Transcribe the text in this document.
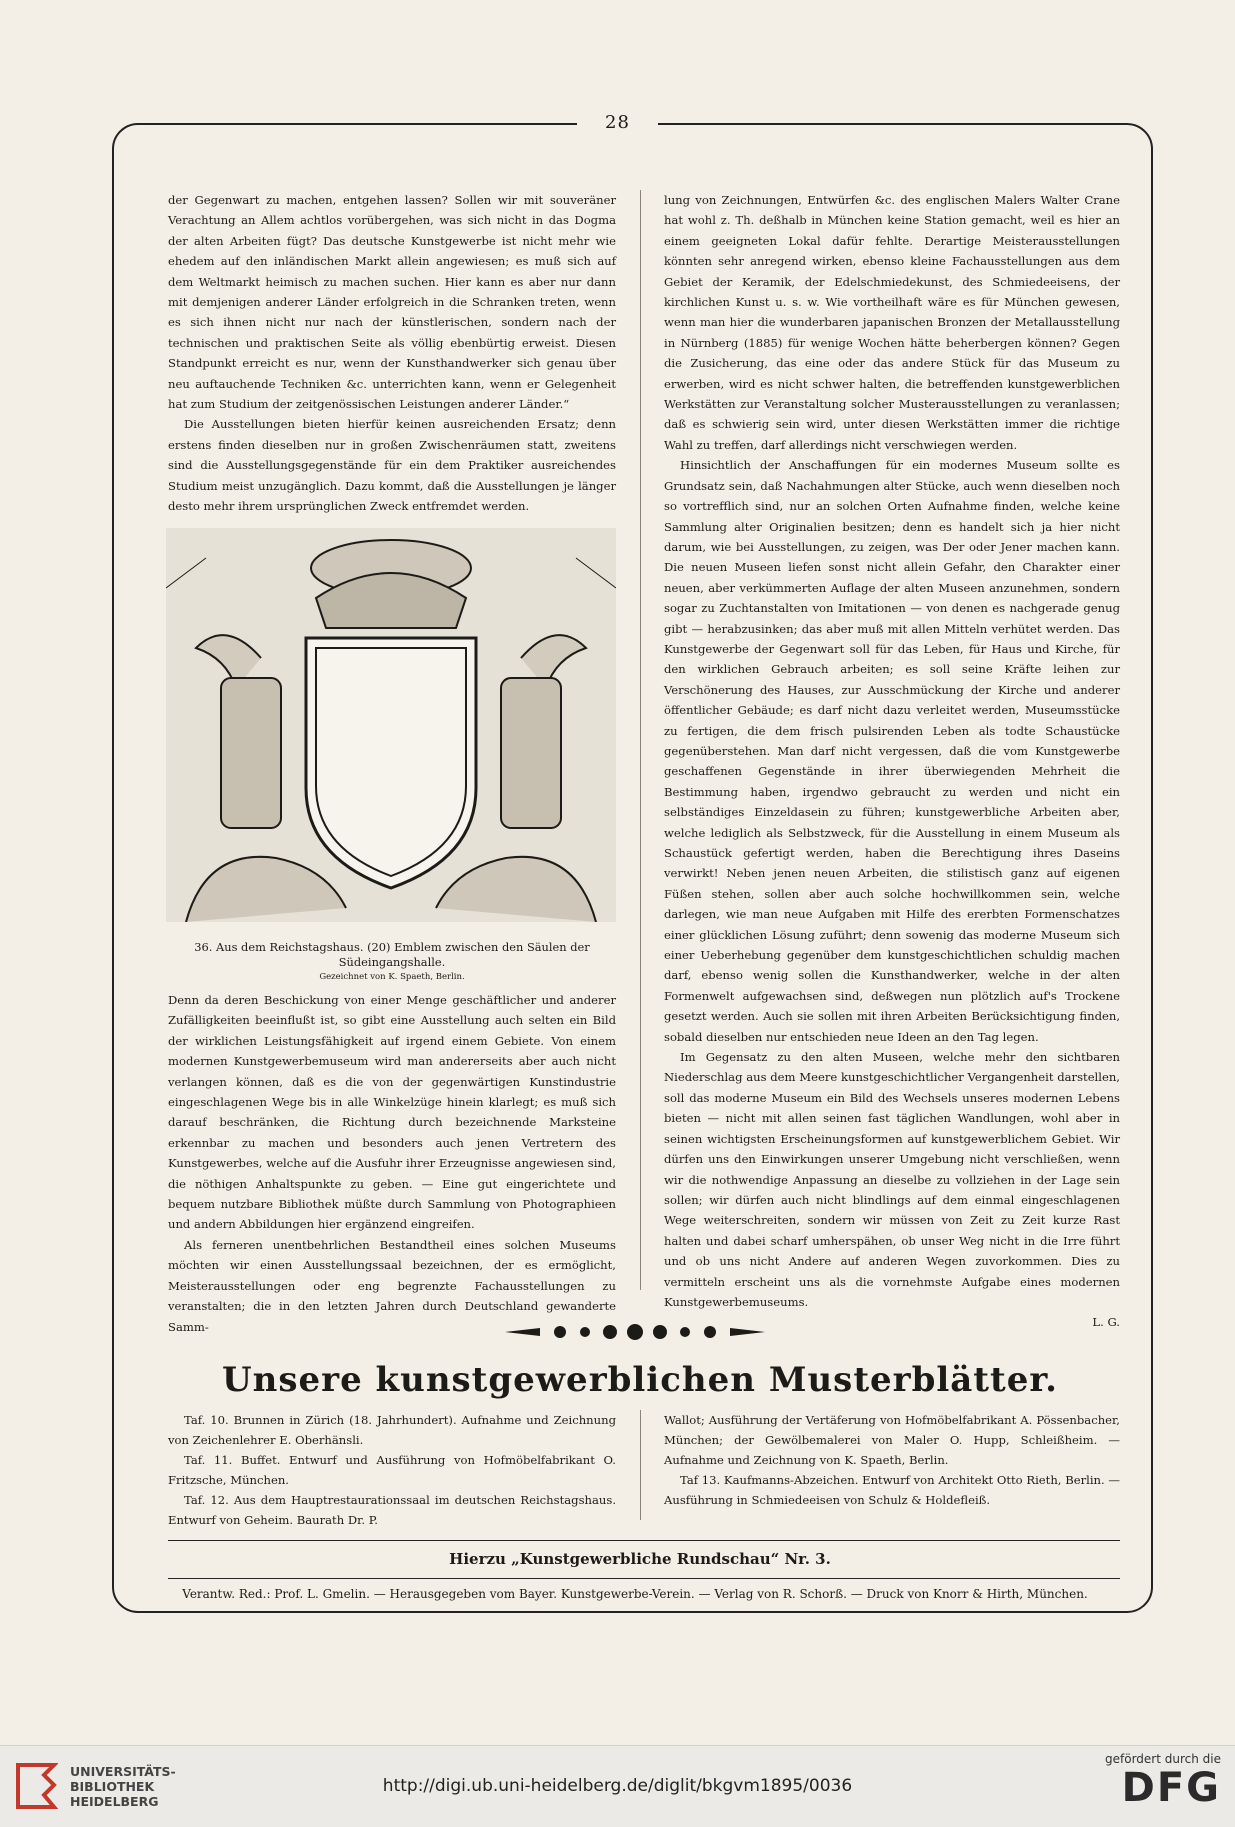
28

der Gegenwart zu machen, entgehen lassen? Sollen wir mit souveräner Verachtung an Allem achtlos vorübergehen, was sich nicht in das Dogma der alten Arbeiten fügt? Das deutsche Kunstgewerbe ist nicht mehr wie ehedem auf den inländischen Markt allein angewiesen; es muß sich auf dem Weltmarkt heimisch zu machen suchen. Hier kann es aber nur dann mit demjenigen anderer Länder erfolgreich in die Schranken treten, wenn es sich ihnen nicht nur nach der künstlerischen, sondern nach der technischen und praktischen Seite als völlig ebenbürtig erweist. Diesen Standpunkt erreicht es nur, wenn der Kunsthandwerker sich genau über neu auftauchende Techniken &c. unterrichten kann, wenn er Gelegenheit hat zum Studium der zeitgenössischen Leistungen anderer Länder.“

Die Ausstellungen bieten hierfür keinen ausreichenden Ersatz; denn erstens finden dieselben nur in großen Zwischenräumen statt, zweitens sind die Ausstellungsgegenstände für ein dem Praktiker ausreichendes Studium meist unzugänglich. Dazu kommt, daß die Ausstellungen je länger desto mehr ihrem ursprünglichen Zweck entfremdet werden.

36. Aus dem Reichstagshaus. (20) Emblem zwischen den Säulen der Südeingangshalle.
Gezeichnet von K. Spaeth, Berlin.

Denn da deren Beschickung von einer Menge geschäftlicher und anderer Zufälligkeiten beeinflußt ist, so gibt eine Ausstellung auch selten ein Bild der wirklichen Leistungsfähigkeit auf irgend einem Gebiete. Von einem modernen Kunstgewerbemuseum wird man andererseits aber auch nicht verlangen können, daß es die von der gegenwärtigen Kunstindustrie eingeschlagenen Wege bis in alle Winkelzüge hinein klarlegt; es muß sich darauf beschränken, die Richtung durch bezeichnende Marksteine erkennbar zu machen und besonders auch jenen Vertretern des Kunstgewerbes, welche auf die Ausfuhr ihrer Erzeugnisse angewiesen sind, die nöthigen Anhaltspunkte zu geben. — Eine gut eingerichtete und bequem nutzbare Bibliothek müßte durch Sammlung von Photographieen und andern Abbildungen hier ergänzend eingreifen.

Als ferneren unentbehrlichen Bestandtheil eines solchen Museums möchten wir einen Ausstellungssaal bezeichnen, der es ermöglicht, Meisterausstellungen oder eng begrenzte Fachausstellungen zu veranstalten; die in den letzten Jahren durch Deutschland gewanderte Samm-

lung von Zeichnungen, Entwürfen &c. des englischen Malers Walter Crane hat wohl z. Th. deßhalb in München keine Station gemacht, weil es hier an einem geeigneten Lokal dafür fehlte. Derartige Meisterausstellungen könnten sehr anregend wirken, ebenso kleine Fachausstellungen aus dem Gebiet der Keramik, der Edelschmiedekunst, des Schmiedeeisens, der kirchlichen Kunst u. s. w. Wie vortheilhaft wäre es für München gewesen, wenn man hier die wunderbaren japanischen Bronzen der Metallausstellung in Nürnberg (1885) für wenige Wochen hätte beherbergen können? Gegen die Zusicherung, das eine oder das andere Stück für das Museum zu erwerben, wird es nicht schwer halten, die betreffenden kunstgewerblichen Werkstätten zur Veranstaltung solcher Musterausstellungen zu veranlassen; daß es schwierig sein wird, unter diesen Werkstätten immer die richtige Wahl zu treffen, darf allerdings nicht verschwiegen werden.

Hinsichtlich der Anschaffungen für ein modernes Museum sollte es Grundsatz sein, daß Nachahmungen alter Stücke, auch wenn dieselben noch so vortrefflich sind, nur an solchen Orten Aufnahme finden, welche keine Sammlung alter Originalien besitzen; denn es handelt sich ja hier nicht darum, wie bei Ausstellungen, zu zeigen, was Der oder Jener machen kann. Die neuen Museen liefen sonst nicht allein Gefahr, den Charakter einer neuen, aber verkümmerten Auflage der alten Museen anzunehmen, sondern sogar zu Zuchtanstalten von Imitationen — von denen es nachgerade genug gibt — herabzusinken; das aber muß mit allen Mitteln verhütet werden. Das Kunstgewerbe der Gegenwart soll für das Leben, für Haus und Kirche, für den wirklichen Gebrauch arbeiten; es soll seine Kräfte leihen zur Verschönerung des Hauses, zur Ausschmückung der Kirche und anderer öffentlicher Gebäude; es darf nicht dazu verleitet werden, Museumsstücke zu fertigen, die dem frisch pulsirenden Leben als todte Schaustücke gegenüberstehen. Man darf nicht vergessen, daß die vom Kunstgewerbe geschaffenen Gegenstände in ihrer überwiegenden Mehrheit die Bestimmung haben, irgendwo gebraucht zu werden und nicht ein selbständiges Einzeldasein zu führen; kunstgewerbliche Arbeiten aber, welche lediglich als Selbstzweck, für die Ausstellung in einem Museum als Schaustück gefertigt werden, haben die Berechtigung ihres Daseins verwirkt! Neben jenen neuen Arbeiten, die stilistisch ganz auf eigenen Füßen stehen, sollen aber auch solche hochwillkommen sein, welche darlegen, wie man neue Aufgaben mit Hilfe des ererbten Formenschatzes einer glücklichen Lösung zuführt; denn sowenig das moderne Museum sich einer Ueberhebung gegenüber dem kunstgeschichtlichen schuldig machen darf, ebenso wenig sollen die Kunsthandwerker, welche in der alten Formenwelt aufgewachsen sind, deßwegen nun plötzlich auf's Trockene gesetzt werden. Auch sie sollen mit ihren Arbeiten Berücksichtigung finden, sobald dieselben nur entschieden neue Ideen an den Tag legen.

Im Gegensatz zu den alten Museen, welche mehr den sichtbaren Niederschlag aus dem Meere kunstgeschichtlicher Vergangenheit darstellen, soll das moderne Museum ein Bild des Wechsels unseres modernen Lebens bieten — nicht mit allen seinen fast täglichen Wandlungen, wohl aber in seinen wichtigsten Erscheinungsformen auf kunstgewerblichem Gebiet. Wir dürfen uns den Einwirkungen unserer Umgebung nicht verschließen, wenn wir die nothwendige Anpassung an dieselbe zu vollziehen in der Lage sein sollen; wir dürfen auch nicht blindlings auf dem einmal eingeschlagenen Wege weiterschreiten, sondern wir müssen von Zeit zu Zeit kurze Rast halten und dabei scharf umherspähen, ob unser Weg nicht in die Irre führt und ob uns nicht Andere auf anderen Wegen zuvorkommen. Dies zu vermitteln erscheint uns als die vornehmste Aufgabe eines modernen Kunstgewerbemuseums.

L. G.
Unsere kunstgewerblichen Musterblätter.

Taf. 10. Brunnen in Zürich (18. Jahrhundert). Aufnahme und Zeichnung von Zeichenlehrer E. Oberhänsli.

Taf. 11. Buffet. Entwurf und Ausführung von Hofmöbelfabrikant O. Fritzsche, München.

Taf. 12. Aus dem Hauptrestaurationssaal im deutschen Reichstagshaus. Entwurf von Geheim. Baurath Dr. P.

Wallot; Ausführung der Vertäferung von Hofmöbelfabrikant A. Pössenbacher, München; der Gewölbemalerei von Maler O. Hupp, Schleißheim. — Aufnahme und Zeichnung von K. Spaeth, Berlin.

Taf 13. Kaufmanns-Abzeichen. Entwurf von Architekt Otto Rieth, Berlin. — Ausführung in Schmiedeeisen von Schulz & Holdefleiß.

Hierzu „Kunstgewerbliche Rundschau“ Nr. 3.
Verantw. Red.: Prof. L. Gmelin. — Herausgegeben vom Bayer. Kunstgewerbe-Verein. — Verlag von R. Schorß. — Druck von Knorr & Hirth, München.
UNIVERSITÄTS-
BIBLIOTHEK
HEIDELBERG
http://digi.ub.uni-heidelberg.de/diglit/bkgvm1895/0036
gefördert durch die
DFG
